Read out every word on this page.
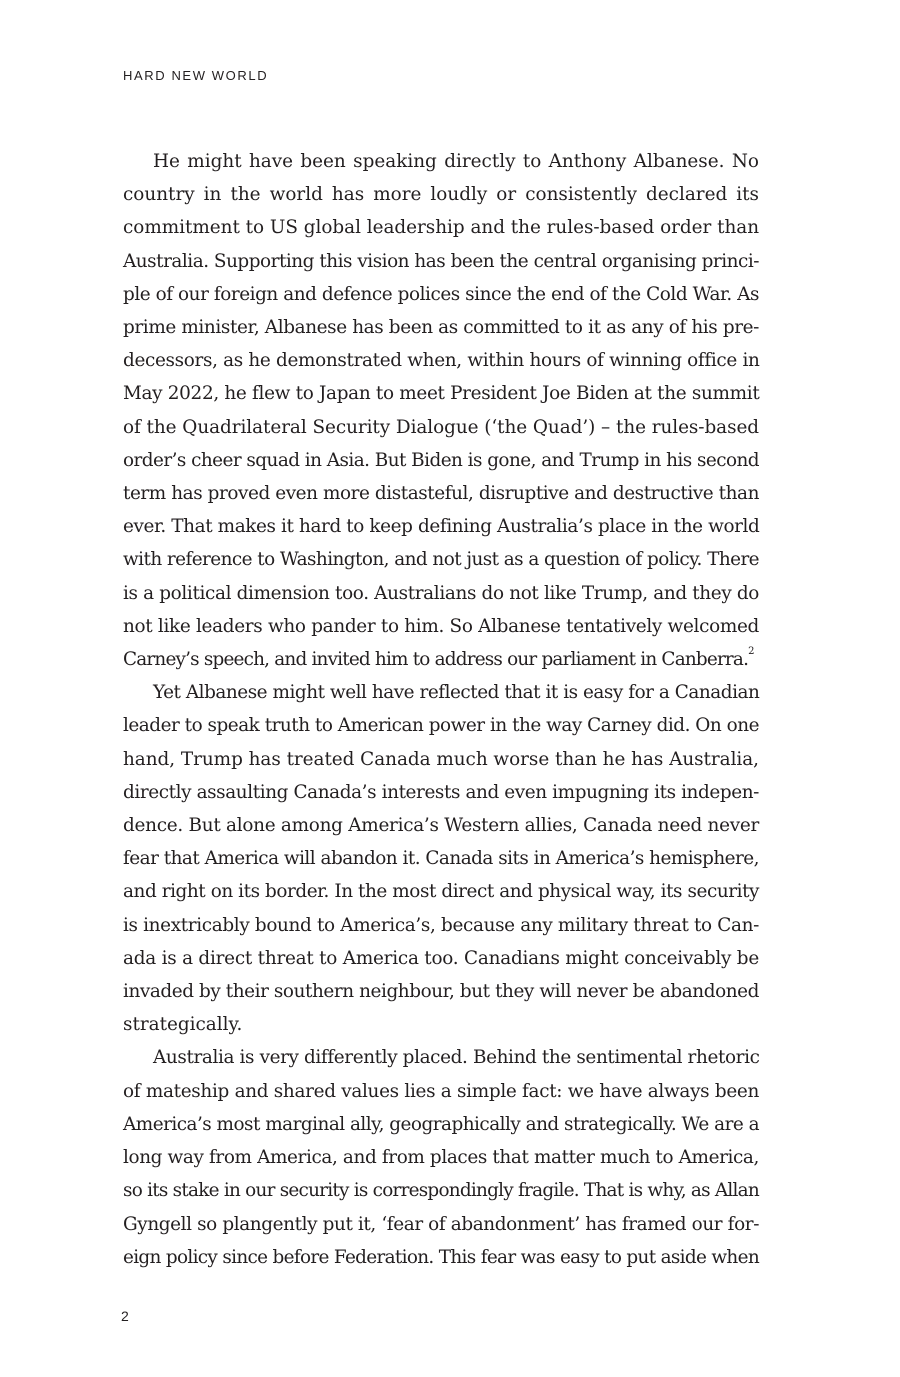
HARD NEW WORLD
He might have been speaking directly to Anthony Albanese. No
country in the world has more loudly or consistently declared its
commitment to US global leadership and the rules-based order than
Australia. Supporting this vision has been the central organising princi-
ple of our foreign and defence polices since the end of the Cold War. As
prime minister, Albanese has been as committed to it as any of his pre-
decessors, as he demonstrated when, within hours of winning office in
May 2022, he flew to Japan to meet President Joe Biden at the summit
of the Quadrilateral Security Dialogue (‘the Quad’) – the rules-based
order’s cheer squad in Asia. But Biden is gone, and Trump in his second
term has proved even more distasteful, disruptive and destructive than
ever. That makes it hard to keep defining Australia’s place in the world
with reference to Washington, and not just as a question of policy. There
is a political dimension too. Australians do not like Trump, and they do
not like leaders who pander to him. So Albanese tentatively welcomed
Carney’s speech, and invited him to address our parliament in Canberra.$^2$
Yet Albanese might well have reflected that it is easy for a Canadian
leader to speak truth to American power in the way Carney did. On one
hand, Trump has treated Canada much worse than he has Australia,
directly assaulting Canada’s interests and even impugning its indepen-
dence. But alone among America’s Western allies, Canada need never
fear that America will abandon it. Canada sits in America’s hemisphere,
and right on its border. In the most direct and physical way, its security
is inextricably bound to America’s, because any military threat to Can-
ada is a direct threat to America too. Canadians might conceivably be
invaded by their southern neighbour, but they will never be abandoned
strategically.
Australia is very differently placed. Behind the sentimental rhetoric
of mateship and shared values lies a simple fact: we have always been
America’s most marginal ally, geographically and strategically. We are a
long way from America, and from places that matter much to America,
so its stake in our security is correspondingly fragile. That is why, as Allan
Gyngell so plangently put it, ‘fear of abandonment’ has framed our for-
eign policy since before Federation. This fear was easy to put aside when
2
